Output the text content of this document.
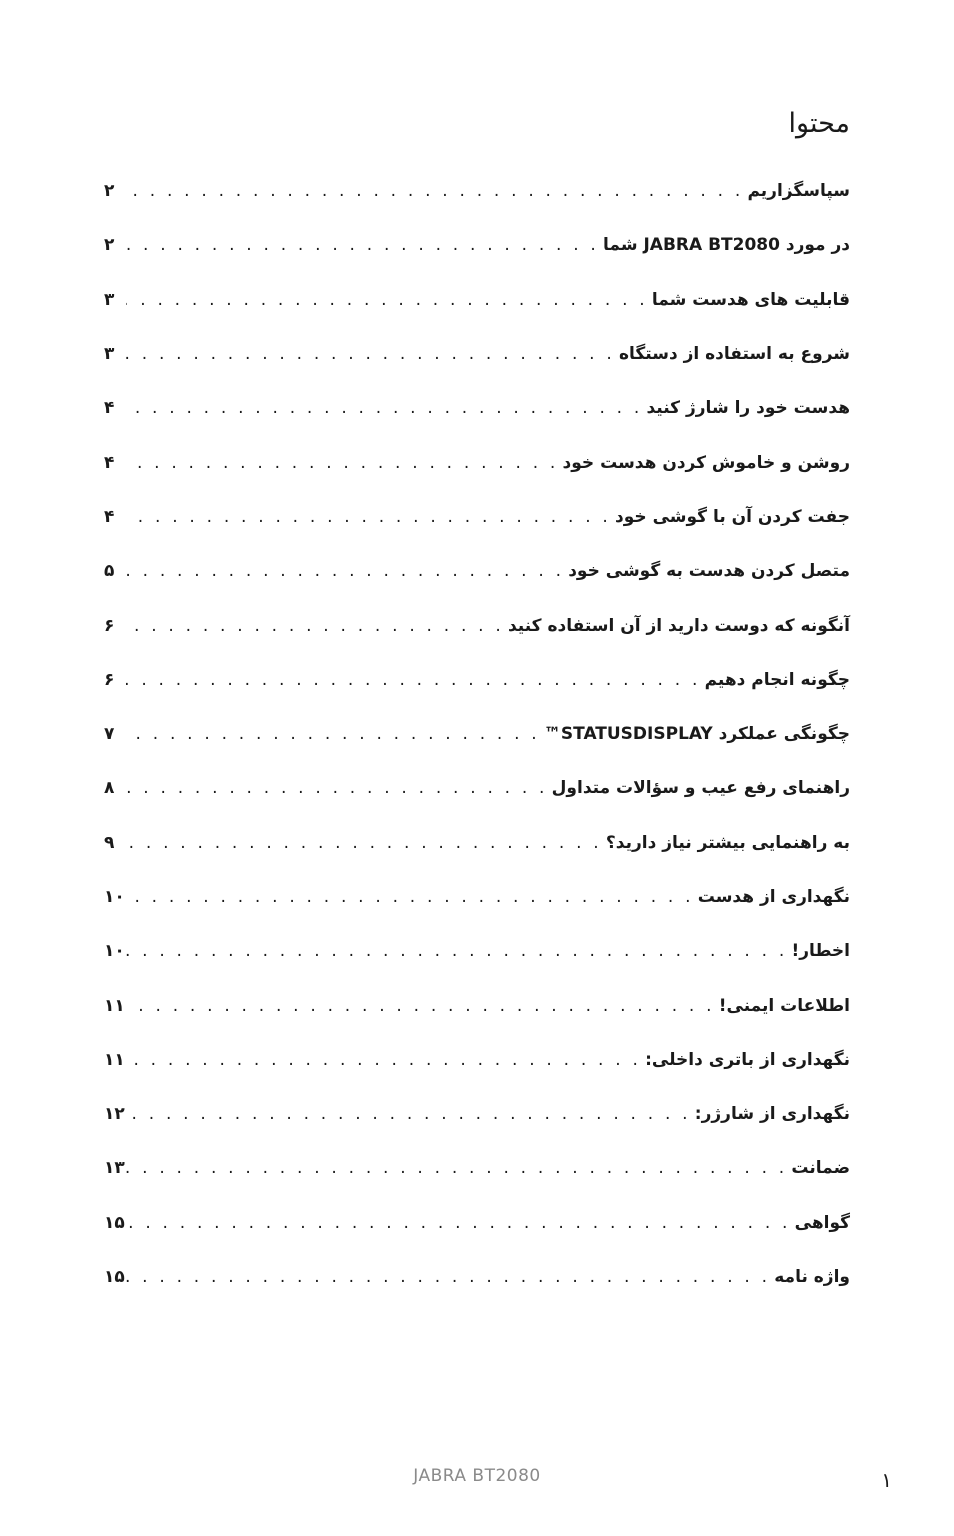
محتوا
سپاسگزاریم
. . .
۲
در مورد JABRA BT2080 شما
. . .
۲
قابلیت های هدست شما
. . .
۳
شروع به استفاده از دستگاه
. . .
۳
هدست خود را شارژ کنید
. . .
۴
روشن و خاموش کردن هدست خود
. . .
۴
جفت کردن آن با گوشی خود
. . .
۴
متصل کردن هدست به گوشی خود
. . .
۵
آنگونه که دوست دارید از آن استفاده کنید
. . .
۶
چگونه انجام دهیم
. . .
۶
چگونگی عملکرد STATUSDISPLAY™
. . .
۷
راهنمای رفع عیب و سؤالات متداول
. . .
۸
به راهنمایی بیشتر نیاز دارید؟
. . .
۹
نگهداری از هدست
. . .
۱۰
اخطار!
. . .
۱۰
اطلاعات ایمنی!
. . .
۱۱
نگهداری از باتری داخلی:
. . .
۱۱
نگهداری از شارژر:
. . .
۱۲
ضمانت
. . .
۱۳
گواهی
. . .
۱۵
واژه نامه
. . .
۱۵
JABRA BT2080	۱
